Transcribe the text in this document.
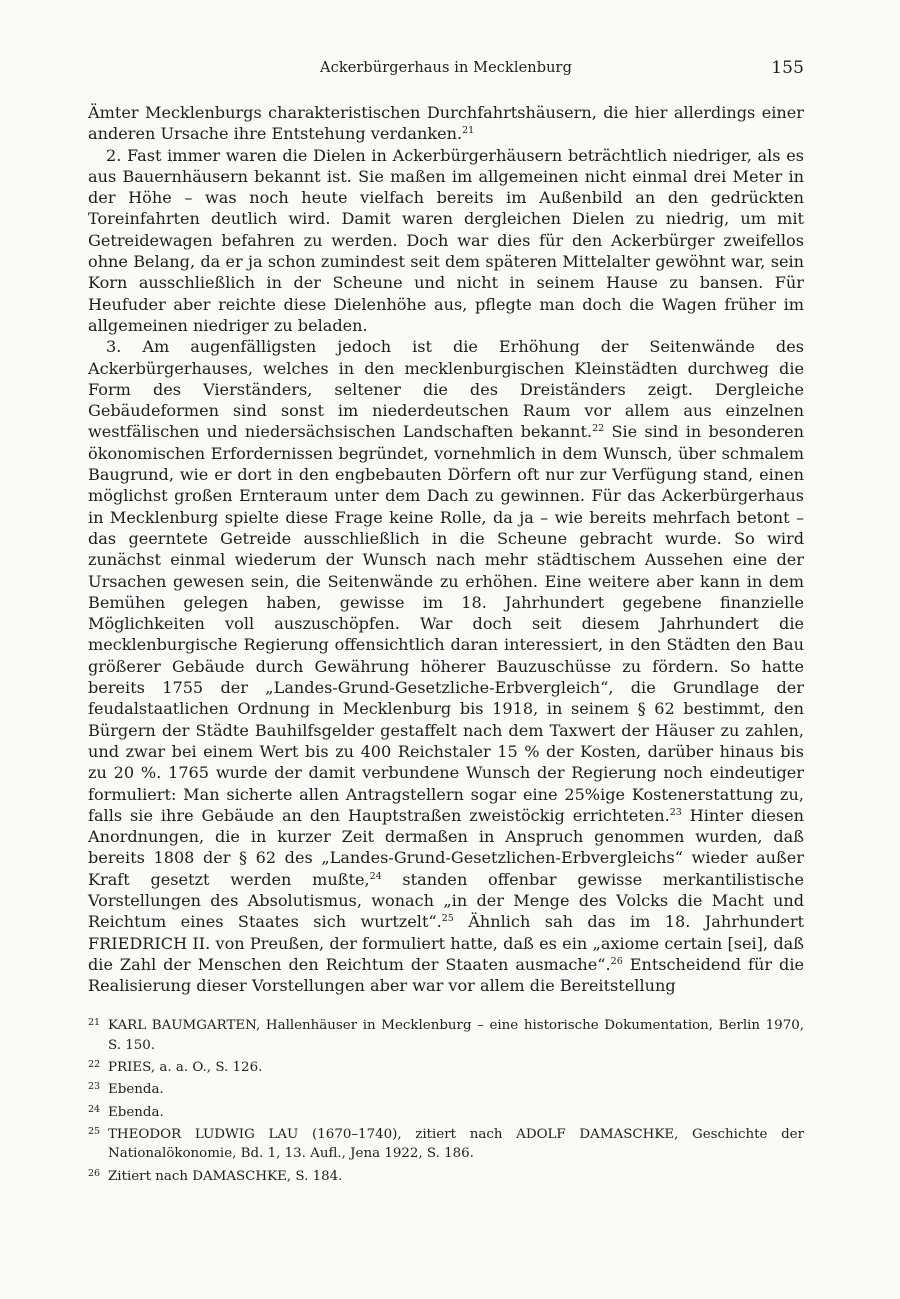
Ackerbürgerhaus in Mecklenburg	155

Ämter Mecklenburgs charakteristischen Durchfahrtshäusern, die hier allerdings einer anderen Ursache ihre Entstehung verdanken.$^{21}$

2. Fast immer waren die Dielen in Ackerbürgerhäusern beträchtlich niedriger, als es aus Bauernhäusern bekannt ist. Sie maßen im allgemeinen nicht einmal drei Meter in der Höhe – was noch heute vielfach bereits im Außenbild an den gedrückten Toreinfahrten deutlich wird. Damit waren dergleichen Dielen zu niedrig, um mit Getreidewagen befahren zu werden. Doch war dies für den Ackerbürger zweifellos ohne Belang, da er ja schon zumindest seit dem späteren Mittelalter gewöhnt war, sein Korn ausschließlich in der Scheune und nicht in seinem Hause zu bansen. Für Heufuder aber reichte diese Dielenhöhe aus, pflegte man doch die Wagen früher im allgemeinen niedriger zu beladen.

3. Am augenfälligsten jedoch ist die Erhöhung der Seitenwände des Ackerbürgerhauses, welches in den mecklenburgischen Kleinstädten durchweg die Form des Vierständers, seltener die des Dreiständers zeigt. Dergleiche Gebäudeformen sind sonst im niederdeutschen Raum vor allem aus einzelnen westfälischen und niedersächsischen Landschaften bekannt.$^{22}$ Sie sind in besonderen ökonomischen Erfordernissen begründet, vornehmlich in dem Wunsch, über schmalem Baugrund, wie er dort in den engbebauten Dörfern oft nur zur Verfügung stand, einen möglichst großen Ernteraum unter dem Dach zu gewinnen. Für das Ackerbürgerhaus in Mecklenburg spielte diese Frage keine Rolle, da ja – wie bereits mehrfach betont – das geerntete Getreide ausschließlich in die Scheune gebracht wurde. So wird zunächst einmal wiederum der Wunsch nach mehr städtischem Aussehen eine der Ursachen gewesen sein, die Seitenwände zu erhöhen. Eine weitere aber kann in dem Bemühen gelegen haben, gewisse im 18. Jahrhundert gegebene finanzielle Möglichkeiten voll auszuschöpfen. War doch seit diesem Jahrhundert die mecklenburgische Regierung offensichtlich daran interessiert, in den Städten den Bau größerer Gebäude durch Gewährung höherer Bauzuschüsse zu fördern. So hatte bereits 1755 der „Landes-Grund-Gesetzliche-Erbvergleich“, die Grundlage der feudalstaatlichen Ordnung in Mecklenburg bis 1918, in seinem § 62 bestimmt, den Bürgern der Städte Bauhilfsgelder gestaffelt nach dem Taxwert der Häuser zu zahlen, und zwar bei einem Wert bis zu 400 Reichstaler 15 % der Kosten, darüber hinaus bis zu 20 %. 1765 wurde der damit verbundene Wunsch der Regierung noch eindeutiger formuliert: Man sicherte allen Antragstellern sogar eine 25%ige Kostenerstattung zu, falls sie ihre Gebäude an den Hauptstraßen zweistöckig errichteten.$^{23}$ Hinter diesen Anordnungen, die in kurzer Zeit dermaßen in Anspruch genommen wurden, daß bereits 1808 der § 62 des „Landes-Grund-Gesetzlichen-Erbvergleichs“ wieder außer Kraft gesetzt werden mußte,$^{24}$ standen offenbar gewisse merkantilistische Vorstellungen des Absolutismus, wonach „in der Menge des Volcks die Macht und Reichtum eines Staates sich wurtzelt“.$^{25}$ Ähnlich sah das im 18. Jahrhundert FRIEDRICH II. von Preußen, der formuliert hatte, daß es ein „axiome certain [sei], daß die Zahl der Menschen den Reichtum der Staaten ausmache“.$^{26}$ Entscheidend für die Realisierung dieser Vorstellungen aber war vor allem die Bereitstellung

21 KARL BAUMGARTEN, Hallenhäuser in Mecklenburg – eine historische Dokumentation, Berlin 1970, S. 150.
22 PRIES, a. a. O., S. 126.
23 Ebenda.
24 Ebenda.
25 THEODOR LUDWIG LAU (1670–1740), zitiert nach ADOLF DAMASCHKE, Geschichte der Nationalökonomie, Bd. 1, 13. Aufl., Jena 1922, S. 186.
26 Zitiert nach DAMASCHKE, S. 184.
